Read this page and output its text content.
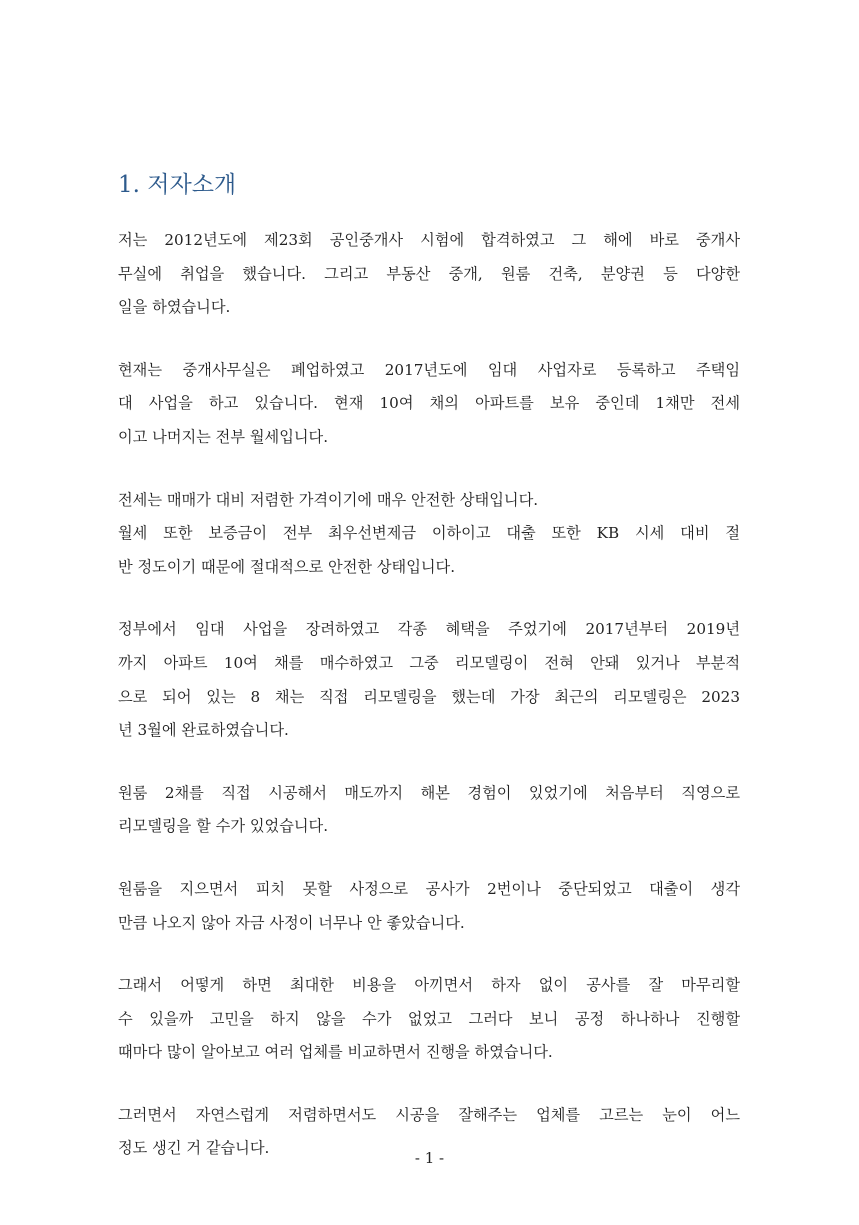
1. 저자소개
저는 2012년도에 제23회 공인중개사 시험에 합격하였고 그 해에 바로 중개사
무실에 취업을 했습니다. 그리고 부동산 중개, 원룸 건축, 분양권 등 다양한
일을 하였습니다.
현재는 중개사무실은 폐업하였고 2017년도에 임대 사업자로 등록하고 주택임
대 사업을 하고 있습니다. 현재 10여 채의 아파트를 보유 중인데 1채만 전세
이고 나머지는 전부 월세입니다.
전세는 매매가 대비 저렴한 가격이기에 매우 안전한 상태입니다.
월세 또한 보증금이 전부 최우선변제금 이하이고 대출 또한 KB 시세 대비 절
반 정도이기 때문에 절대적으로 안전한 상태입니다.
정부에서 임대 사업을 장려하였고 각종 혜택을 주었기에 2017년부터 2019년
까지 아파트 10여 채를 매수하였고 그중 리모델링이 전혀 안돼 있거나 부분적
으로 되어 있는 8 채는 직접 리모델링을 했는데 가장 최근의 리모델링은 2023
년 3월에 완료하였습니다.
원룸 2채를 직접 시공해서 매도까지 해본 경험이 있었기에 처음부터 직영으로
리모델링을 할 수가 있었습니다.
원룸을 지으면서 피치 못할 사정으로 공사가 2번이나 중단되었고 대출이 생각
만큼 나오지 않아 자금 사정이 너무나 안 좋았습니다.
그래서 어떻게 하면 최대한 비용을 아끼면서 하자 없이 공사를 잘 마무리할
수 있을까 고민을 하지 않을 수가 없었고 그러다 보니 공정 하나하나 진행할
때마다 많이 알아보고 여러 업체를 비교하면서 진행을 하였습니다.
그러면서 자연스럽게 저렴하면서도 시공을 잘해주는 업체를 고르는 눈이 어느
정도 생긴 거 같습니다.
- 1 -
